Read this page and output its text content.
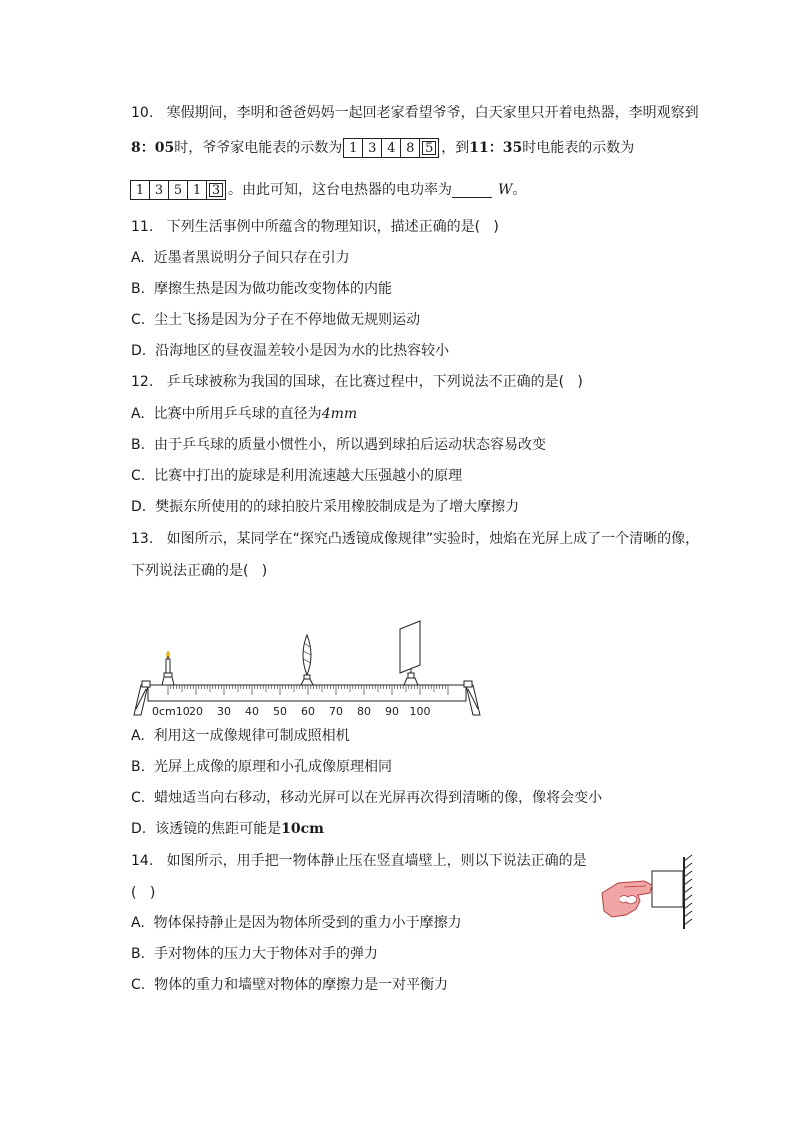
10.   寒假期间，李明和爸爸妈妈一起回老家看望爷爷，白天家里只开着电热器，李明观察到
8：05 时，爷爷家电能表的示数为 1 3 4 8 5 ，到 11：35 时电能表的示数为
1 3 5 1 3 。由此可知，这台电热器的电功率为	W 。
11.   下列生活事例中所蕴含的物理知识，描述正确的是(   )
A.  近墨者黑说明分子间只存在引力
B.  摩擦生热是因为做功能改变物体的内能
C.  尘土飞扬是因为分子在不停地做无规则运动
D.  沿海地区的昼夜温差较小是因为水的比热容较小
12.   乒乓球被称为我国的国球，在比赛过程中，下列说法不正确的是(   )
A.  比赛中所用乒乓球的直径为4mm
B.  由于乒乓球的质量小惯性小，所以遇到球拍后运动状态容易改变
C.  比赛中打出的旋球是利用流速越大压强越小的原理
D.  樊振东所使用的的球拍胶片采用橡胶制成是为了增大摩擦力
13.   如图所示，某同学在“探究凸透镜成像规律”实验时，烛焰在光屏上成了一个清晰的像，
下列说法正确的是(   )
0cm10 20 30 40 50 60 70 80 90 100
A.  利用这一成像规律可制成照相机
B.  光屏上成像的原理和小孔成像原理相同
C.  蜡烛适当向右移动，移动光屏可以在光屏再次得到清晰的像，像将会变小
D.  该透镜的焦距可能是10cm
14.   如图所示，用手把一物体静止压在竖直墙壁上，则以下说法正确的是
(   )
A.  物体保持静止是因为物体所受到的重力小于摩擦力
B.  手对物体的压力大于物体对手的弹力
C.  物体的重力和墙壁对物体的摩擦力是一对平衡力
